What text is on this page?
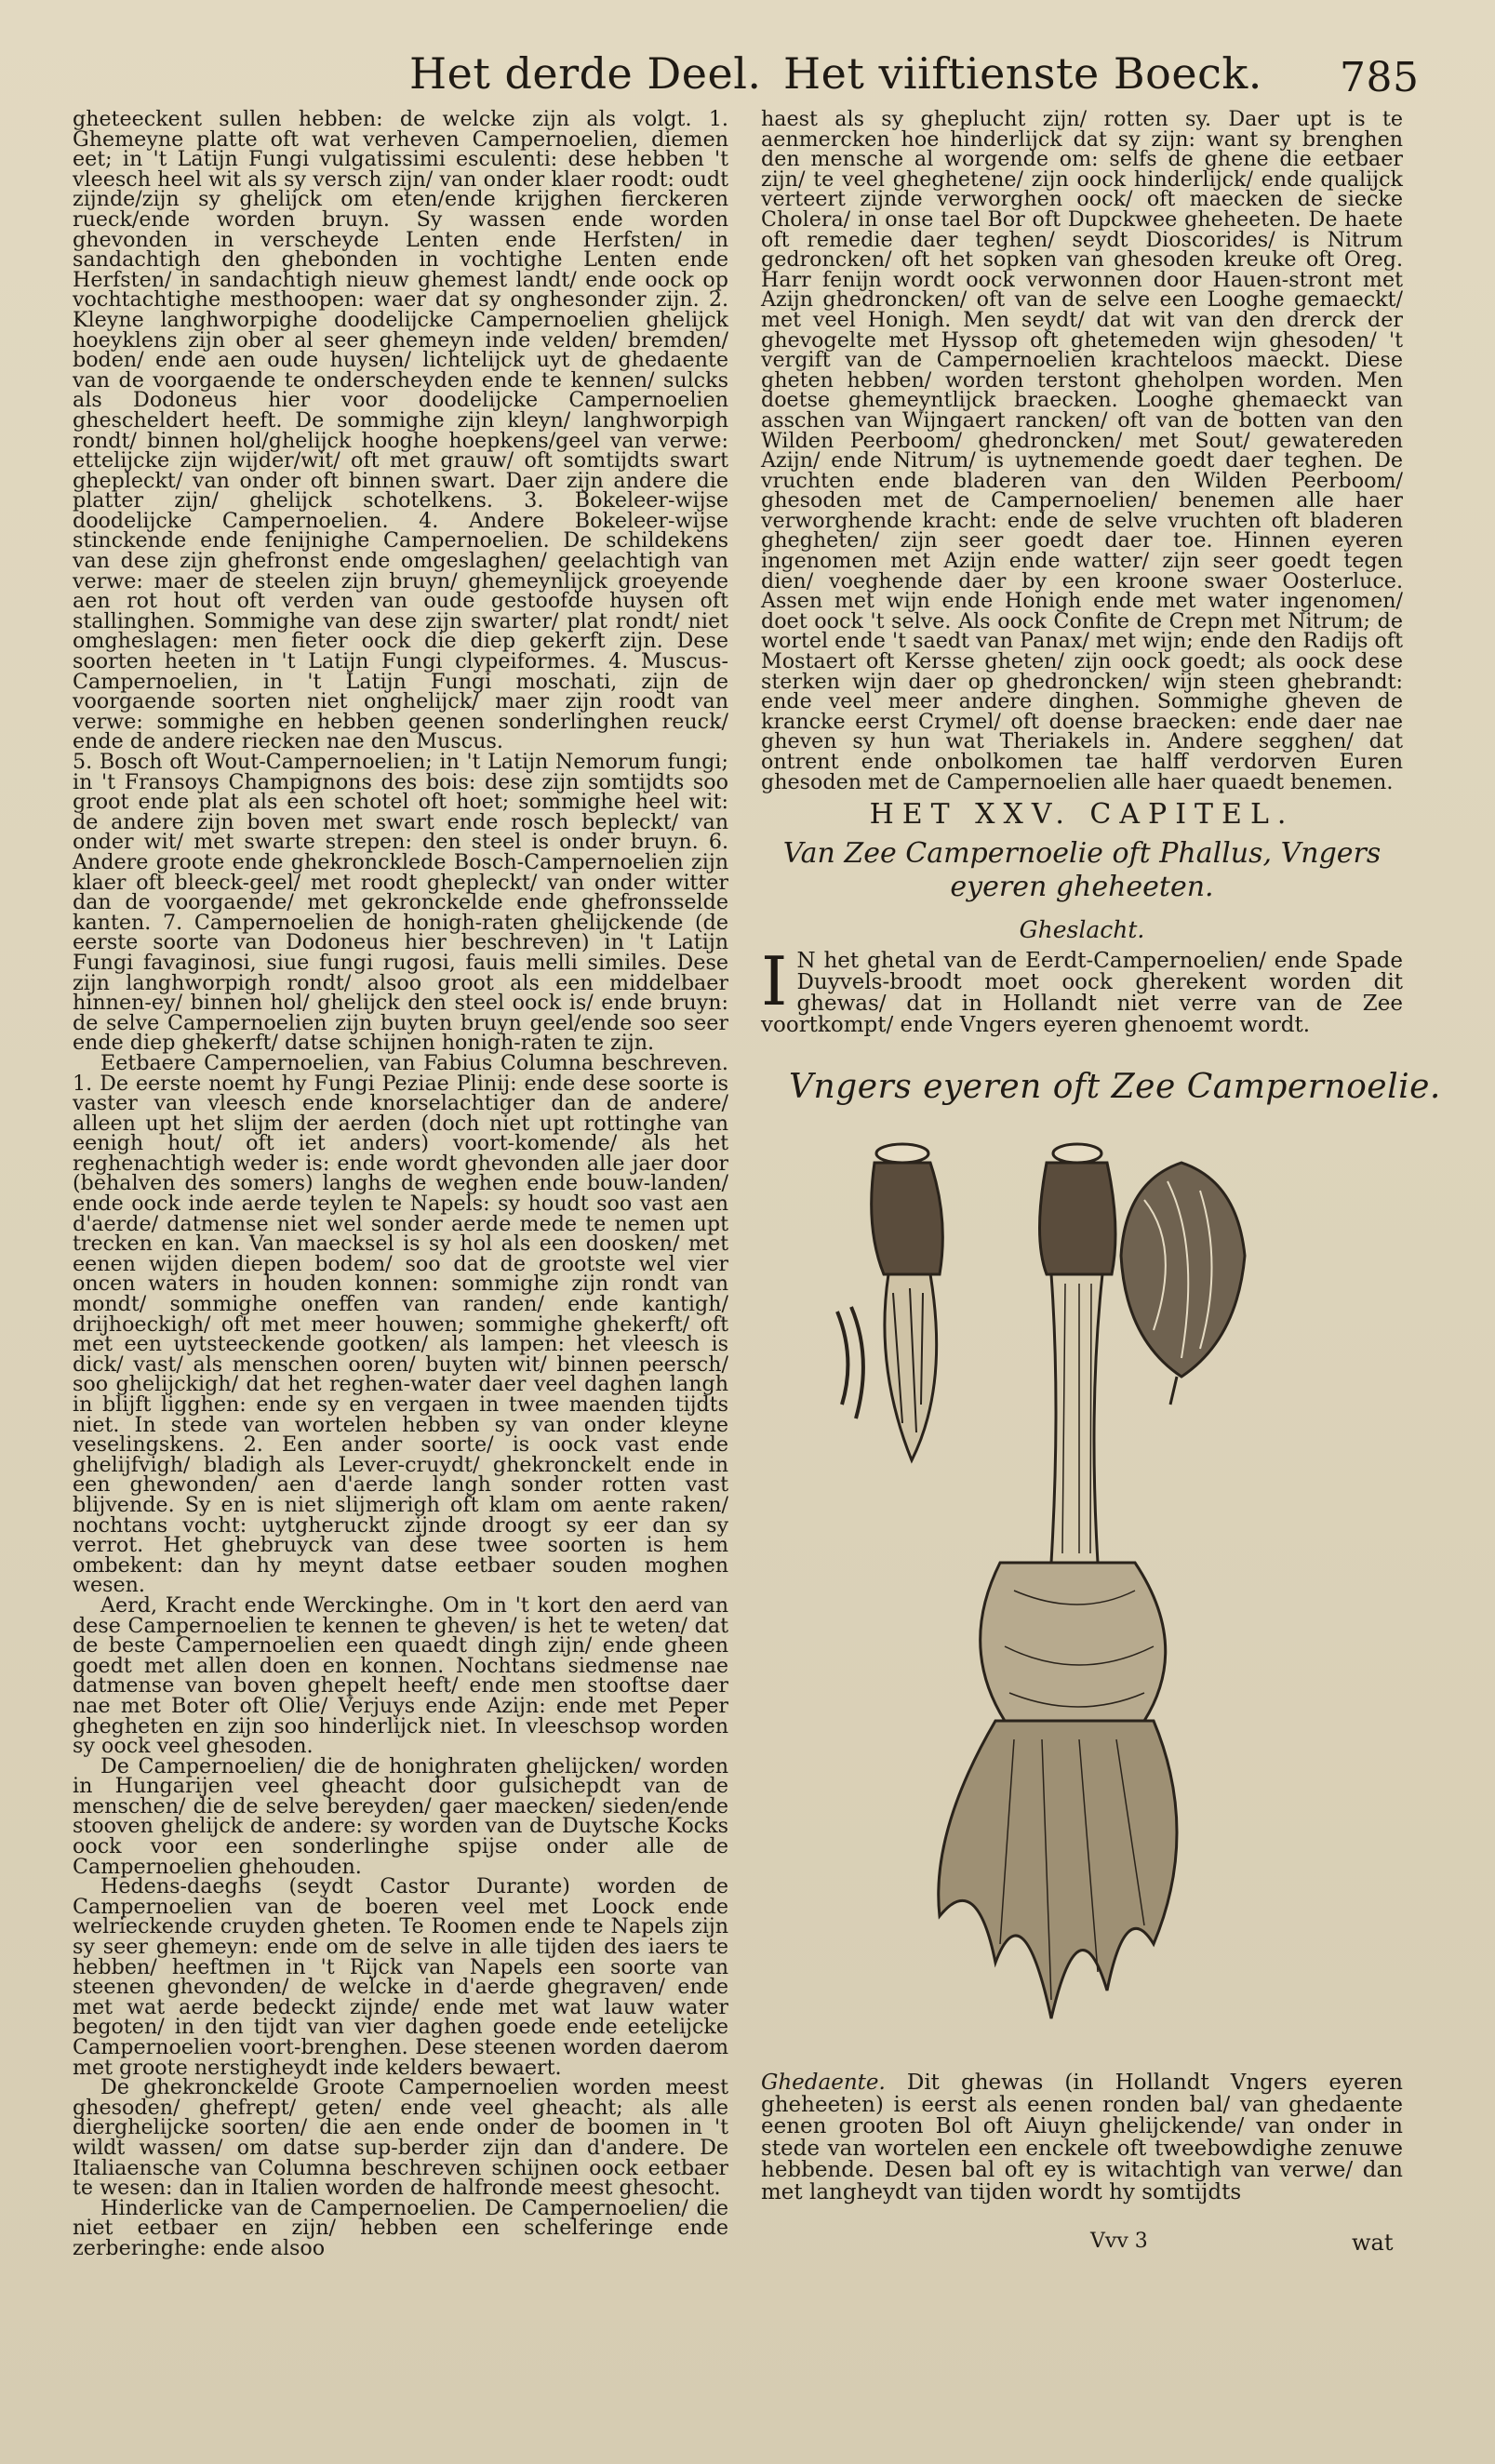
Het derde Deel. Het viiftienste Boeck. 785

gheteeckent sullen hebben: de welcke zijn als volgt. 1. Ghemeyne platte oft wat verheven Campernoelien, diemen eet; in 't Latijn Fungi vulgatissimi esculenti: dese hebben 't vleesch heel wit als sy versch zijn/ van onder klaer roodt: oudt zijnde/zijn sy ghelijck om eten/ende krijghen fierckeren rueck/ende worden bruyn. Sy wassen ende worden ghevonden in verscheyde Lenten ende Herfsten/ in sandachtigh den ghebonden in vochtighe Lenten ende Herfsten/ in sandachtigh nieuw ghemest landt/ ende oock op vochtachtighe mesthoopen: waer dat sy onghesonder zijn. 2. Kleyne langhworpighe doodelijcke Campernoelien ghelijck hoeyklens zijn ober al seer ghemeyn inde velden/ bremden/ boden/ ende aen oude huysen/ lichtelijck uyt de ghedaente van de voorgaende te onderscheyden ende te kennen/ sulcks als Dodoneus hier voor doodelijcke Campernoelien ghescheldert heeft. De sommighe zijn kleyn/ langhworpigh rondt/ binnen hol/ghelijck hooghe hoepkens/geel van verwe: ettelijcke zijn wijder/wit/ oft met grauw/ oft somtijdts swart ghepleckt/ van onder oft binnen swart. Daer zijn andere die platter zijn/ ghelijck schotelkens. 3. Bokeleer-wijse doodelijcke Campernoelien. 4. Andere Bokeleer-wijse stinckende ende fenijnighe Campernoelien. De schildekens van dese zijn ghefronst ende omgeslaghen/ geelachtigh van verwe: maer de steelen zijn bruyn/ ghemeynlijck groeyende aen rot hout oft verden van oude gestoofde huysen oft stallinghen. Sommighe van dese zijn swarter/ plat rondt/ niet omgheslagen: men fieter oock die diep gekerft zijn. Dese soorten heeten in 't Latijn Fungi clypeiformes. 4. Muscus-Campernoelien, in 't Latijn Fungi moschati, zijn de voorgaende soorten niet onghelijck/ maer zijn roodt van verwe: sommighe en hebben geenen sonderlinghen reuck/ ende de andere riecken nae den Muscus.

5. Bosch oft Wout-Campernoelien; in 't Latijn Nemorum fungi; in 't Fransoys Champignons des bois: dese zijn somtijdts soo groot ende plat als een schotel oft hoet; sommighe heel wit: de andere zijn boven met swart ende rosch bepleckt/ van onder wit/ met swarte strepen: den steel is onder bruyn. 6. Andere groote ende ghekroncklede Bosch-Campernoelien zijn klaer oft bleeck-geel/ met roodt ghepleckt/ van onder witter dan de voorgaende/ met gekronckelde ende ghefronsselde kanten. 7. Campernoelien de honigh-raten ghelijckende (de eerste soorte van Dodoneus hier beschreven) in 't Latijn Fungi favaginosi, siue fungi rugosi, fauis melli similes. Dese zijn langhworpigh rondt/ alsoo groot als een middelbaer hinnen-ey/ binnen hol/ ghelijck den steel oock is/ ende bruyn: de selve Campernoelien zijn buyten bruyn geel/ende soo seer ende diep ghekerft/ datse schijnen honigh-raten te zijn.

Eetbaere Campernoelien, van Fabius Columna beschreven. 1. De eerste noemt hy Fungi Peziae Plinij: ende dese soorte is vaster van vleesch ende knorselachtiger dan de andere/ alleen upt het slijm der aerden (doch niet upt rottinghe van eenigh hout/ oft iet anders) voort-komende/ als het reghenachtigh weder is: ende wordt ghevonden alle jaer door (behalven des somers) langhs de weghen ende bouw-landen/ ende oock inde aerde teylen te Napels: sy houdt soo vast aen d'aerde/ datmense niet wel sonder aerde mede te nemen upt trecken en kan. Van maecksel is sy hol als een doosken/ met eenen wijden diepen bodem/ soo dat de grootste wel vier oncen waters in houden konnen: sommighe zijn rondt van mondt/ sommighe oneffen van randen/ ende kantigh/ drijhoeckigh/ oft met meer houwen; sommighe ghekerft/ oft met een uytsteeckende gootken/ als lampen: het vleesch is dick/ vast/ als menschen ooren/ buyten wit/ binnen peersch/ soo ghelijckigh/ dat het reghen-water daer veel daghen langh in blijft ligghen: ende sy en vergaen in twee maenden tijdts niet. In stede van wortelen hebben sy van onder kleyne veselingskens. 2. Een ander soorte/ is oock vast ende ghelijfvigh/ bladigh als Lever-cruydt/ ghekronckelt ende in een ghewonden/ aen d'aerde langh sonder rotten vast blijvende. Sy en is niet slijmerigh oft klam om aente raken/ nochtans vocht: uytgheruckt zijnde droogt sy eer dan sy verrot. Het ghebruyck van dese twee soorten is hem ombekent: dan hy meynt datse eetbaer souden moghen wesen.

Aerd, Kracht ende Werckinghe. Om in 't kort den aerd van dese Campernoelien te kennen te gheven/ is het te weten/ dat de beste Campernoelien een quaedt dingh zijn/ ende gheen goedt met allen doen en konnen. Nochtans siedmense nae datmense van boven ghepelt heeft/ ende men stooftse daer nae met Boter oft Olie/ Verjuys ende Azijn: ende met Peper ghegheten en zijn soo hinderlijck niet. In vleeschsop worden sy oock veel ghesoden.

De Campernoelien/ die de honighraten ghelijcken/ worden in Hungarijen veel gheacht door gulsichepdt van de menschen/ die de selve bereyden/ gaer maecken/ sieden/ende stooven ghelijck de andere: sy worden van de Duytsche Kocks oock voor een sonderlinghe spijse onder alle de Campernoelien ghehouden.

Hedens-daeghs (seydt Castor Durante) worden de Campernoelien van de boeren veel met Loock ende welrieckende cruyden gheten. Te Roomen ende te Napels zijn sy seer ghemeyn: ende om de selve in alle tijden des iaers te hebben/ heeftmen in 't Rijck van Napels een soorte van steenen ghevonden/ de welcke in d'aerde ghegraven/ ende met wat aerde bedeckt zijnde/ ende met wat lauw water begoten/ in den tijdt van vier daghen goede ende eetelijcke Campernoelien voort-brenghen. Dese steenen worden daerom met groote nerstigheydt inde kelders bewaert.

De ghekronckelde Groote Campernoelien worden meest ghesoden/ ghefrept/ geten/ ende veel gheacht; als alle dierghelijcke soorten/ die aen ende onder de boomen in 't wildt wassen/ om datse sup-berder zijn dan d'andere. De Italiaensche van Columna beschreven schijnen oock eetbaer te wesen: dan in Italien worden de halfronde meest ghesocht.

Hinderlicke van de Campernoelien. De Campernoelien/ die niet eetbaer en zijn/ hebben een schelferinge ende zerberinghe: ende alsoo

haest als sy gheplucht zijn/ rotten sy. Daer upt is te aenmercken hoe hinderlijck dat sy zijn: want sy brenghen den mensche al worgende om: selfs de ghene die eetbaer zijn/ te veel gheghetene/ zijn oock hinderlijck/ ende qualijck verteert zijnde verworghen oock/ oft maecken de siecke Cholera/ in onse tael Bor oft Dupckwee gheheeten. De haete oft remedie daer teghen/ seydt Dioscorides/ is Nitrum gedroncken/ oft het sopken van ghesoden kreuke oft Oreg. Harr fenijn wordt oock verwonnen door Hauen-stront met Azijn ghedroncken/ oft van de selve een Looghe gemaeckt/ met veel Honigh. Men seydt/ dat wit van den drerck der ghevogelte met Hyssop oft ghetemeden wijn ghesoden/ 't vergift van de Campernoelien krachteloos maeckt. Diese gheten hebben/ worden terstont gheholpen worden. Men doetse ghemeyntlijck braecken. Looghe ghemaeckt van asschen van Wijngaert rancken/ oft van de botten van den Wilden Peerboom/ ghedroncken/ met Sout/ gewatereden Azijn/ ende Nitrum/ is uytnemende goedt daer teghen. De vruchten ende bladeren van den Wilden Peerboom/ ghesoden met de Campernoelien/ benemen alle haer verworghende kracht: ende de selve vruchten oft bladeren ghegheten/ zijn seer goedt daer toe. Hinnen eyeren ingenomen met Azijn ende watter/ zijn seer goedt tegen dien/ voeghende daer by een kroone swaer Oosterluce. Assen met wijn ende Honigh ende met water ingenomen/ doet oock 't selve. Als oock Confite de Crepn met Nitrum; de wortel ende 't saedt van Panax/ met wijn; ende den Radijs oft Mostaert oft Kersse gheten/ zijn oock goedt; als oock dese sterken wijn daer op ghedroncken/ wijn steen ghebrandt: ende veel meer andere dinghen. Sommighe gheven de krancke eerst Crymel/ oft doense braecken: ende daer nae gheven sy hun wat Theriakels in. Andere segghen/ dat ontrent ende onbolkomen tae halff verdorven Euren ghesoden met de Campernoelien alle haer quaedt benemen.

HET XXV. CAPITEL.
Van Zee Campernoelie oft Phallus, Vngers eyeren gheheeten.
Gheslacht.
I N het ghetal van de Eerdt-Campernoelien/ ende Spade Duyvels-broodt moet oock gherekent worden dit ghewas/ dat in Hollandt niet verre van de Zee voortkompt/ ende Vngers eyeren ghenoemt wordt.
Vngers eyeren oft Zee Campernoelie.
Ghedaente. Dit ghewas (in Hollandt Vngers eyeren gheheeten) is eerst als eenen ronden bal/ van ghedaente eenen grooten Bol oft Aiuyn ghelijckende/ van onder in stede van wortelen een enckele oft tweebowdighe zenuwe hebbende. Desen bal oft ey is witachtigh van verwe/ dan met langheydt van tijden wordt hy somtijdts
Vvv 3	wat
